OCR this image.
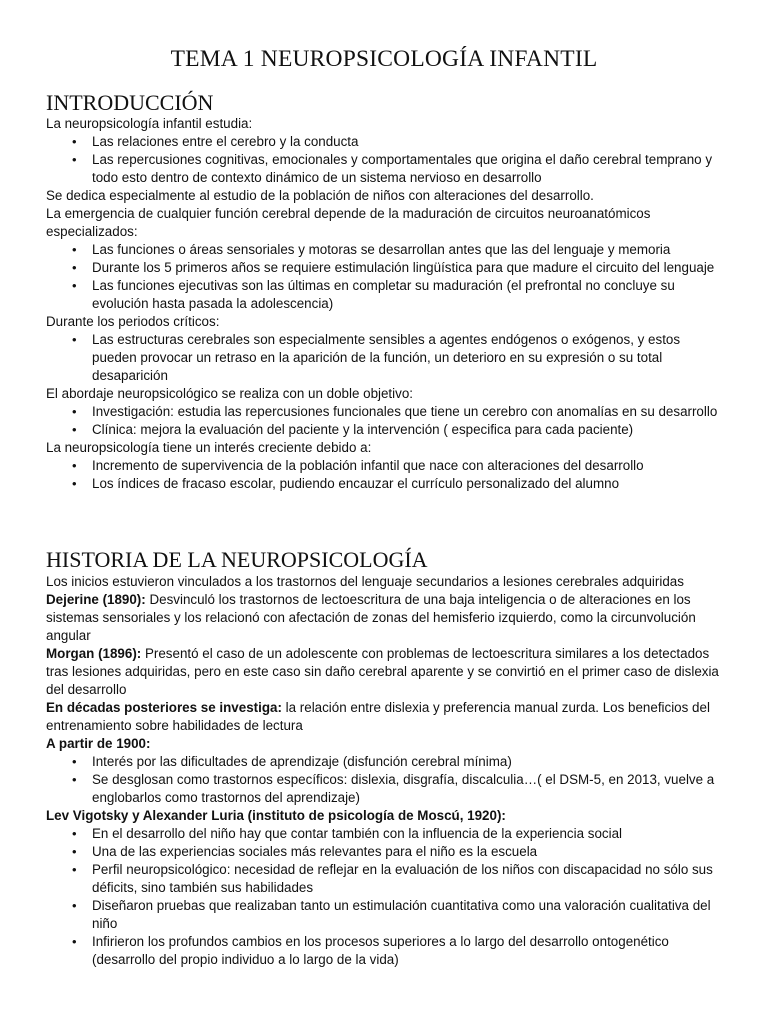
TEMA 1 NEUROPSICOLOGÍA INFANTIL
INTRODUCCIÓN

La neuropsicología infantil estudia:

• Las relaciones entre el cerebro y la conducta
• Las repercusiones cognitivas, emocionales y comportamentales que origina el daño cerebral temprano y todo esto dentro de contexto dinámico de un sistema nervioso en desarrollo

Se dedica especialmente al estudio de la población de niños con alteraciones del desarrollo.

La emergencia de cualquier función cerebral depende de la maduración de circuitos neuroanatómicos especializados:

• Las funciones o áreas sensoriales y motoras se desarrollan antes que las del lenguaje y memoria
• Durante los 5 primeros años se requiere estimulación lingüística para que madure el circuito del lenguaje
• Las funciones ejecutivas son las últimas en completar su maduración (el prefrontal no concluye su evolución hasta pasada la adolescencia)

Durante los periodos críticos:

• Las estructuras cerebrales son especialmente sensibles a agentes endógenos o exógenos, y estos pueden provocar un retraso en la aparición de la función, un deterioro en su expresión o su total desaparición

El abordaje neuropsicológico se realiza con un doble objetivo:

• Investigación: estudia las repercusiones funcionales que tiene un cerebro con anomalías en su desarrollo
• Clínica: mejora la evaluación del paciente y la intervención ( especifica para cada paciente)

La neuropsicología tiene un interés creciente debido a:

• Incremento de supervivencia de la población infantil que nace con alteraciones del desarrollo
• Los índices de fracaso escolar, pudiendo encauzar el currículo personalizado del alumno
HISTORIA DE LA NEUROPSICOLOGÍA

Los inicios estuvieron vinculados a los trastornos del lenguaje secundarios a lesiones cerebrales adquiridas

Dejerine (1890): Desvinculó los trastornos de lectoescritura de una baja inteligencia o de alteraciones en los sistemas sensoriales y los relacionó con afectación de zonas del hemisferio izquierdo, como la circunvolución angular

Morgan (1896): Presentó el caso de un adolescente con problemas de lectoescritura similares a los detectados tras lesiones adquiridas, pero en este caso sin daño cerebral aparente y se convirtió en el primer caso de dislexia del desarrollo

En décadas posteriores se investiga: la relación entre dislexia y preferencia manual zurda. Los beneficios del entrenamiento sobre habilidades de lectura

A partir de 1900:

• Interés por las dificultades de aprendizaje (disfunción cerebral mínima)
• Se desglosan como trastornos específicos: dislexia, disgrafía, discalculia…( el DSM-5, en 2013, vuelve a englobarlos como trastornos del aprendizaje)

Lev Vigotsky y Alexander Luria (instituto de psicología de Moscú, 1920):

• En el desarrollo del niño hay que contar también con la influencia de la experiencia social
• Una de las experiencias sociales más relevantes para el niño es la escuela
• Perfil neuropsicológico: necesidad de reflejar en la evaluación de los niños con discapacidad no sólo sus déficits, sino también sus habilidades
• Diseñaron pruebas que realizaban tanto un estimulación cuantitativa como una valoración cualitativa del niño
• Infirieron los profundos cambios en los procesos superiores a lo largo del desarrollo ontogenético (desarrollo del propio individuo a lo largo de la vida)
